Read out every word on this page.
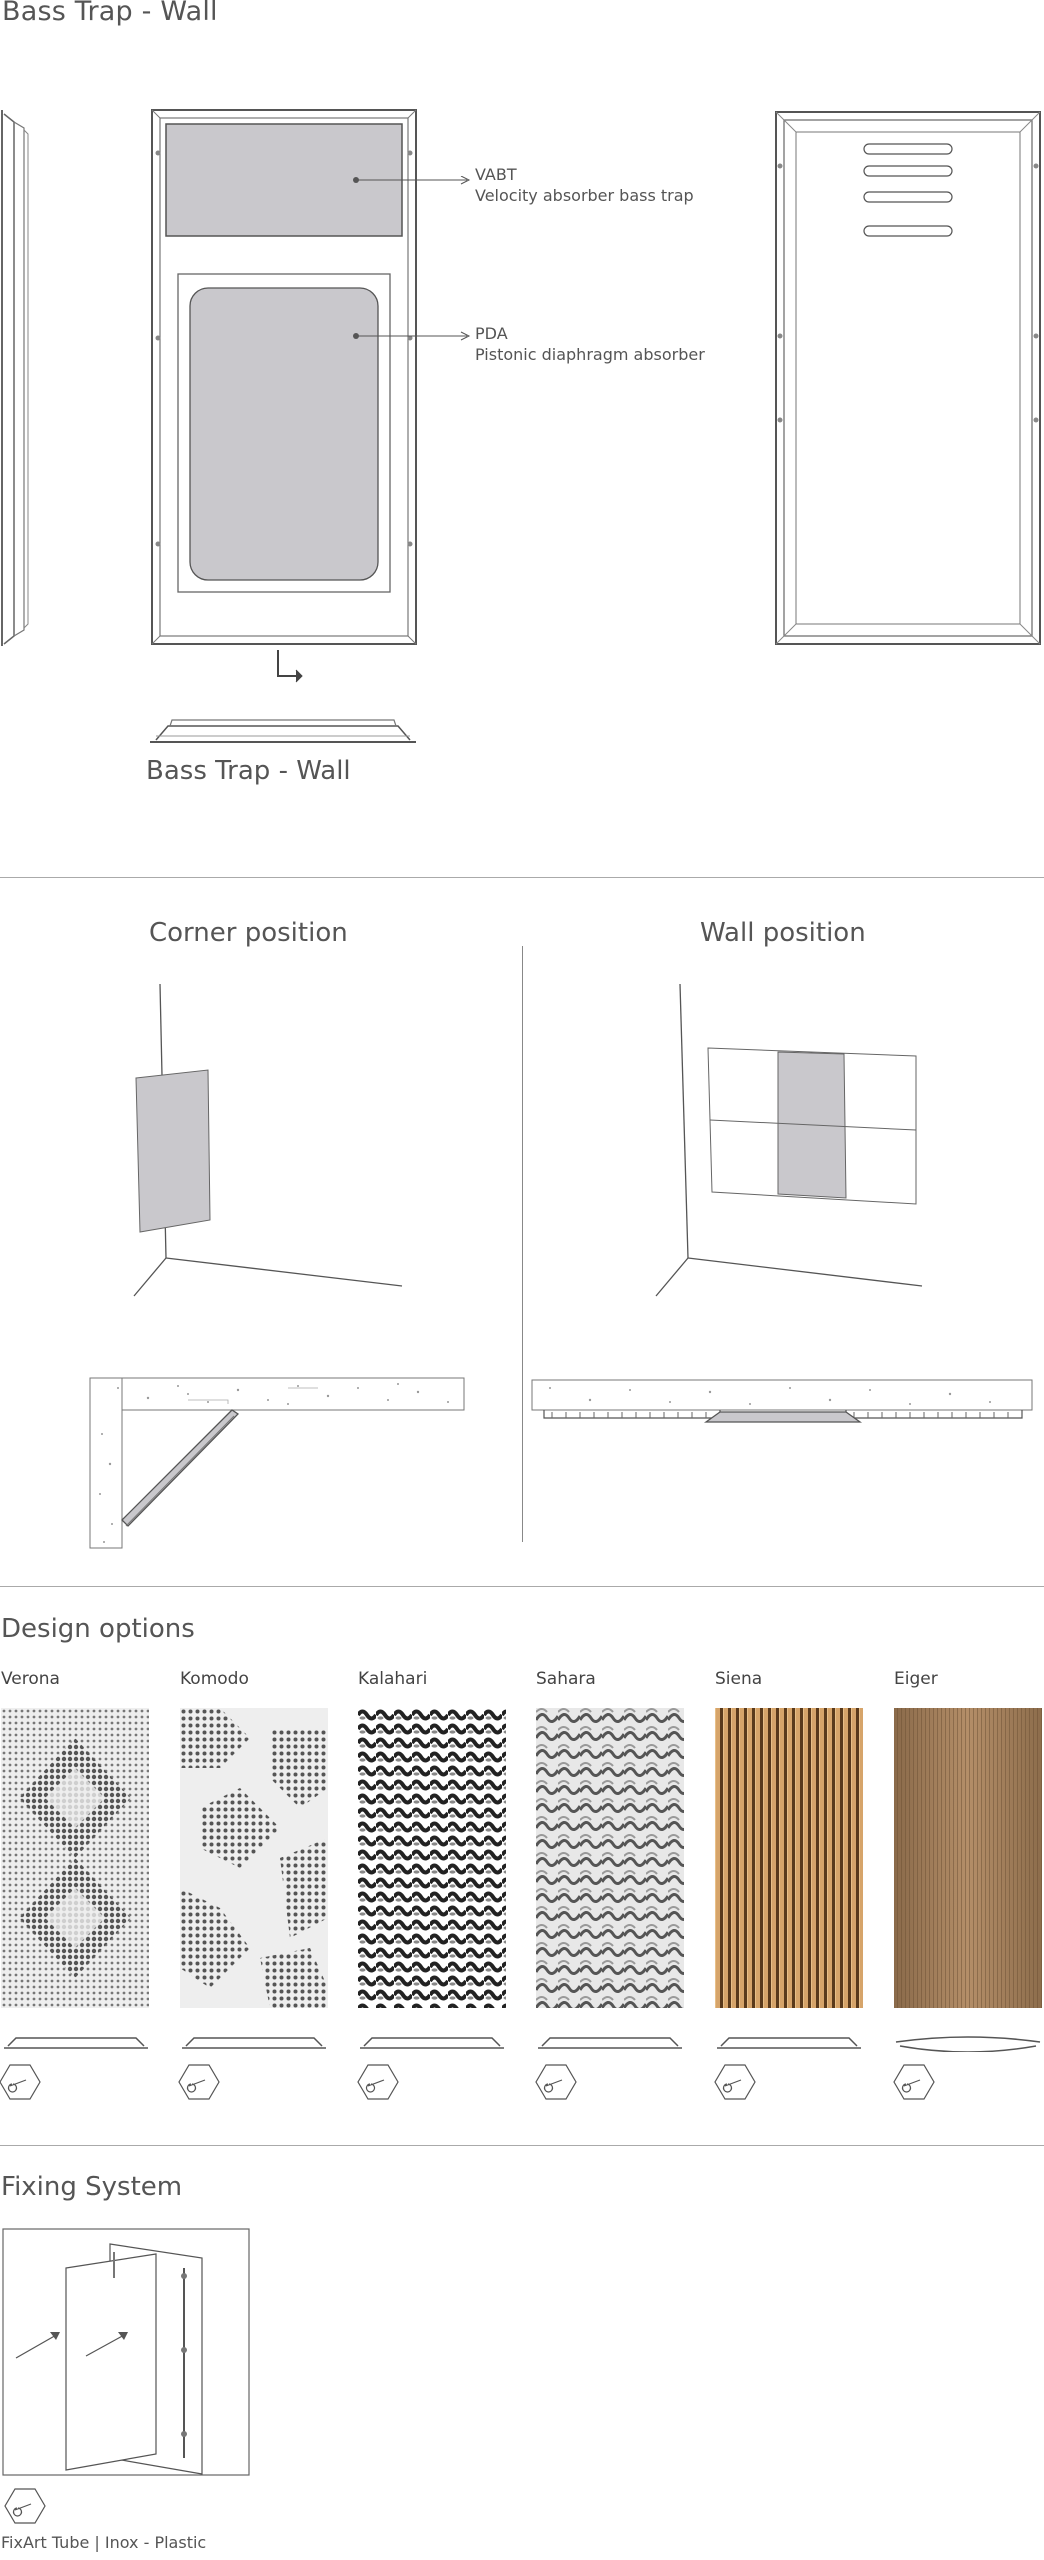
Bass Trap - Wall
VABT
Velocity absorber bass trap
PDA
Pistonic diaphragm absorber
Bass Trap - Wall
Corner position	Wall position
Design options
Verona	Komodo	Kalahari	Sahara	Siena	Eiger
Fixing System
FixArt Tube | Inox - Plastic
